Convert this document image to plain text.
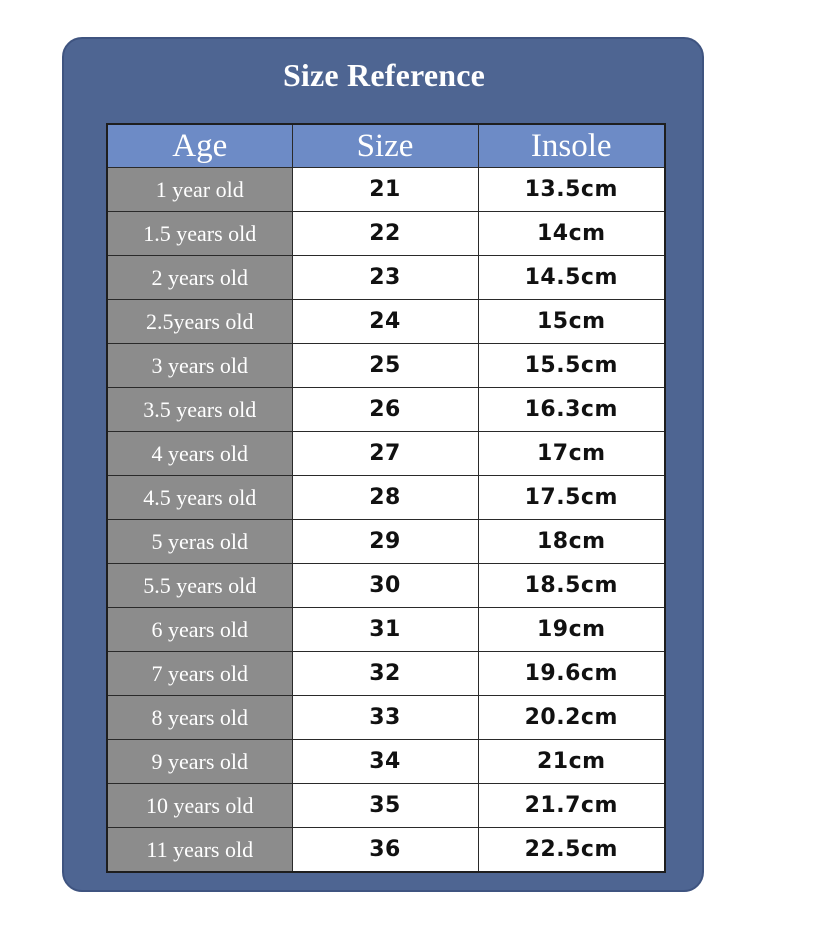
Size Reference
Age	Size	Insole
1 year old	21	13.5cm
1.5 years old	22	14cm
2 years old	23	14.5cm
2.5years old	24	15cm
3 years old	25	15.5cm
3.5 years old	26	16.3cm
4 years old	27	17cm
4.5 years old	28	17.5cm
5 yeras old	29	18cm
5.5 years old	30	18.5cm
6 years old	31	19cm
7 years old	32	19.6cm
8 years old	33	20.2cm
9 years old	34	21cm
10 years old	35	21.7cm
11 years old	36	22.5cm
